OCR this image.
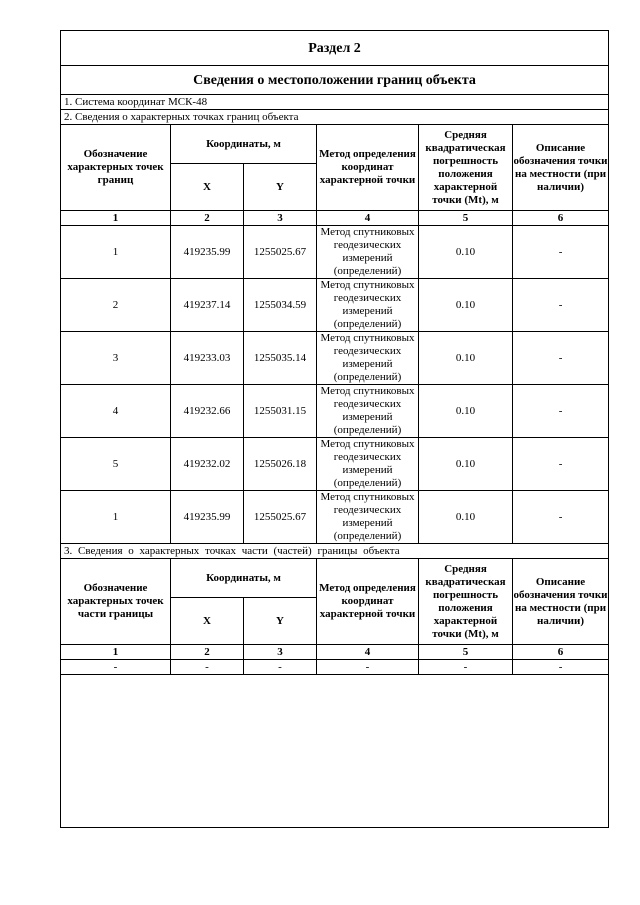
Раздел 2					
Сведения о местоположении границ объекта					
1. Система координат МСК-48					
2. Сведения о характерных точках границ объекта					
Обозначение характерных точек границ	Координаты, м		Метод определения координат характерной точки	Средняя квадратическая погрешность положения характерной точки (Mt), м	Описание обозначения точки на местности (при наличии)
	X	Y			
1	2	3	4	5	6
1	419235.99	1255025.67	Метод спутниковых геодезических измерений (определений)	0.10	-
2	419237.14	1255034.59	Метод спутниковых геодезических измерений (определений)	0.10	-
3	419233.03	1255035.14	Метод спутниковых геодезических измерений (определений)	0.10	-
4	419232.66	1255031.15	Метод спутниковых геодезических измерений (определений)	0.10	-
5	419232.02	1255026.18	Метод спутниковых геодезических измерений (определений)	0.10	-
1	419235.99	1255025.67	Метод спутниковых геодезических измерений (определений)	0.10	-
3. Сведения о характерных точках части (частей) границы объекта					
Обозначение характерных точек части границы	Координаты, м		Метод определения координат характерной точки	Средняя квадратическая погрешность положения характерной точки (Mt), м	Описание обозначения точки на местности (при наличии)
	X	Y			
1	2	3	4	5	6
-	-	-	-	-	-
